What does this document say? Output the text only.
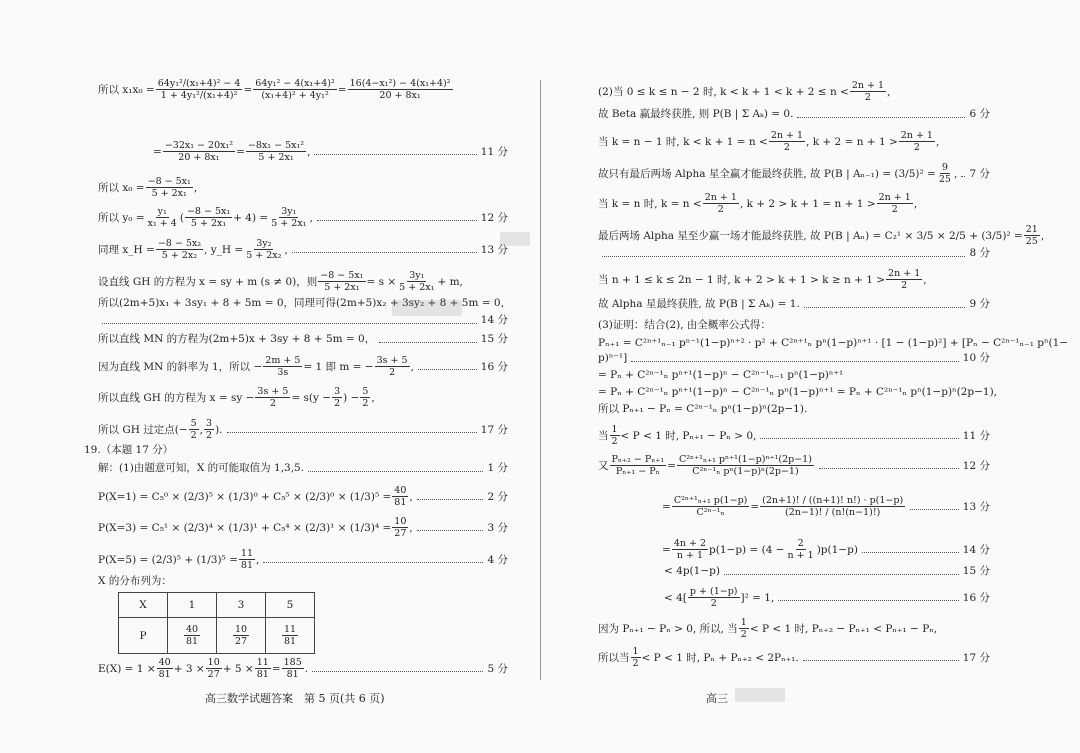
所以 $x_1x_0 = \frac{\text{64y₁²/(x₁+4)² − 4}}{\text{1 + 4y₁²/(x₁+4)²}} = \frac{\text{64y₁² − 4(x₁+4)²}}{\text{(x₁+4)² + 4y₁²}} = \frac{\text{16(4−x₁²) − 4(x₁+4)²}}{\text{20 + 8x₁}}$
= $\frac{\text{−32x₁ − 20x₁²}}{\text{20 + 8x₁}} = \frac{\text{−8x₁ − 5x₁²}}{\text{5 + 2x₁}}$ ,	11 分
所以 $x_0 = \frac{\text{−8 − 5x₁}}{\text{5 + 2x₁}}$ ,
所以 $y_0 = \frac{\text{y₁}}{\text{x₁ + 4}}$ ( −8 − 5x₁
$5 + 2x_1 + 4) = \frac{\text{3y₁}}{\text{5 + 2x₁}}$ ,	12 分
同理 x_H = $\frac{\text{−8 − 5x₂}}{\text{5 + 2x₂}}$ , y_H = $\frac{\text{3y₂}}{\text{5 + 2x₂}}$ ,	13 分
设直线 GH 的方程为 x = sy + m (s ≠ 0)，则 $\frac{\text{−8 − 5x₁}}{\text{5 + 2x₁}} = s \times \frac{\text{3y₁}}{\text{5 + 2x₁}} + m$,
所以(2m+5)x₁ + 3sy₁ + 8 + 5m = 0，同理可得(2m+5)x₂ + 3sy₂ + 8 + 5m = 0，
14 分
所以直线 MN 的方程为(2m+5)x + 3sy + 8 + 5m = 0，	15 分
因为直线 MN 的斜率为 1，所以 − $\frac{2m + 5}{3s} = 1$ 即 m = − $\frac{3s + 5}{2}$ ,	16 分
所以直线 GH 的方程为 x = sy − $\frac{3s + 5}{2} = s(y - \frac{3}{2}$ ) − $\frac{5}{2}$ ,
所以 GH 过定点(− $\frac{5}{2}$ , 3
2 ).	17 分
19.（本题 17 分）
解：(1)由题意可知，X 的可能取值为 1,3,5.	1 分
$P(X=1) = C_5^0 \times (2/3)^5 \times (1/3)^0 + C_5^5 \times (2/3)^0 \times (1/3)^5 = \frac{40}{81}$ ,	2 分
$P(X=3) = C_5^1 \times (2/3)^4 \times (1/3)^1 + C_5^4 \times (2/3)^1 \times (1/3)^4 = \frac{10}{27}$ ,	3 分
$P(X=5) = (2/3)^5 + (1/3)^5 = \frac{11}{81}$ ,	4 分
X 的分布列为：
$E(X) = 1 \times \frac{40}{81} + 3 \times \frac{10}{27} + 5 \times \frac{11}{81} = \frac{185}{81}$ .	5 分
X	1	3	5
P	$\frac{40}{81}$	$\frac{10}{27}$	$\frac{11}{81}$
高三数学试题答案　第 5 页(共 6 页)
(2)当 0 ≤ k ≤ n − 2 时, k < k + 1 < k + 2 ≤ n < 2n + 1
2 ,
故 Beta 赢最终获胜, 则 P(B | Σ Aₖ) = 0.	6 分
当 k = n − 1 时, k < k + 1 = n < 2n + 1
2 , k + 2 = n + 1 > 2n + 1
2 ,
故只有最后两场 Alpha 星全赢才能最终获胜, 故 P(B | $A_{n-1}) = (3/5)^2 = \frac{9}{25}$ , 7 分
当 k = n 时, k = n < 2n + 1
2 , k + 2 > k + 1 = n + 1 > 2n + 1
2 ,
最后两场 Alpha 星至少赢一场才能最终获胜, 故 P(B | $A_n) = C_2^1 \times 3/5 \times 2/5 + (3/5)^2 = \frac{21}{25}$ ,
8 分
当 n + 1 ≤ k ≤ 2n − 1 时, k + 2 > k + 1 > k ≥ n + 1 > 2n + 1
2 ,
故 Alpha 星最终获胜, 故 P(B | Σ Aₖ) = 1.	9 分
(3)证明：结合(2), 由全概率公式得：
Pₙ₊₁ = C²ⁿ⁺¹ₙ₋₁ pⁿ⁻¹(1−p)ⁿ⁺² · p² + C²ⁿ⁺¹ₙ pⁿ(1−p)ⁿ⁺¹ · [1 − (1−p)²] + [Pₙ − C²ⁿ⁻¹ₙ₋₁ pⁿ(1−
p)ⁿ⁻¹]	10 分
= Pₙ + C²ⁿ⁻¹ₙ pⁿ⁺¹(1−p)ⁿ − C²ⁿ⁻¹ₙ₋₁ pⁿ(1−p)ⁿ⁺¹
= Pₙ + C²ⁿ⁻¹ₙ pⁿ⁺¹(1−p)ⁿ − C²ⁿ⁻¹ₙ pⁿ(1−p)ⁿ⁺¹ = Pₙ + C²ⁿ⁻¹ₙ pⁿ(1−p)ⁿ(2p−1),
所以 Pₙ₊₁ − Pₙ = C²ⁿ⁻¹ₙ pⁿ(1−p)ⁿ(2p−1).
当 1
2 < P < 1 时, Pₙ₊₁ − Pₙ > 0,	11 分
又 $\frac{\text{Pₙ₊₂ − Pₙ₊₁}}{\text{Pₙ₊₁ − Pₙ}} = \frac{\text{C²ⁿ⁺¹ₙ₊₁ pⁿ⁺¹(1−p)ⁿ⁺¹(2p−1)}}{\text{C²ⁿ⁻¹ₙ pⁿ(1−p)ⁿ(2p−1)}}$	12 分
= $\frac{\text{C²ⁿ⁺¹ₙ₊₁ p(1−p)}}{\text{C²ⁿ⁻¹ₙ}} = \frac{(2n+1)! / ((n+1)! n!) \cdot p(1-p)}{(2n-1)! / (n!(n-1)!)}$	13 分
= $\frac{4n + 2}{n + 1} p(1-p) = (4 - \frac{2}{n + 1} )p(1-p)$	14 分
< 4p(1−p)	15 分
< 4[ p + (1−p)
2 ]² = 1,	16 分
因为 Pₙ₊₁ − Pₙ > 0, 所以, 当 1
2 < P < 1 时, Pₙ₊₂ − Pₙ₊₁ < Pₙ₊₁ − Pₙ,
所以当 1
2 < P < 1 时, Pₙ + Pₙ₊₂ < 2Pₙ₊₁.	17 分
高三
